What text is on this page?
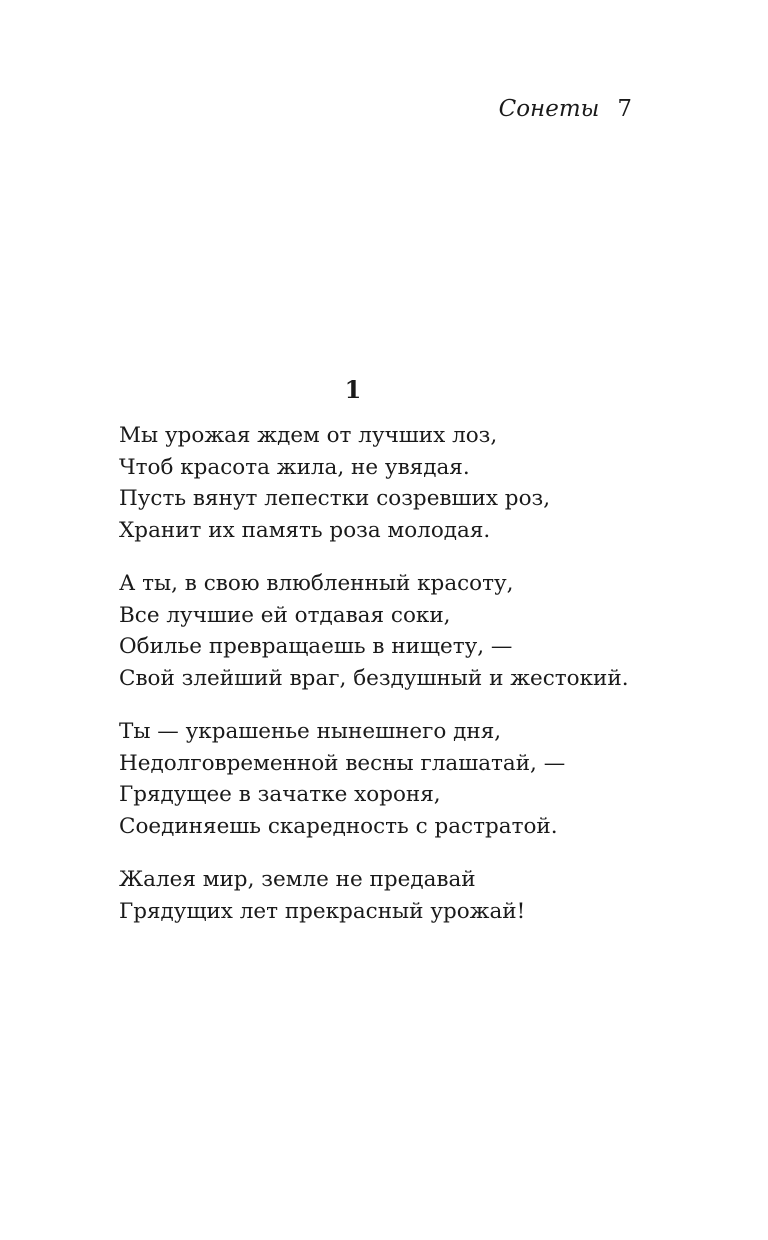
Сонеты 7
1
Мы урожая ждем от лучших лоз,
Чтоб красота жила, не увядая.
Пусть вянут лепестки созревших роз,
Хранит их память роза молодая.
А ты, в свою влюбленный красоту,
Все лучшие ей отдавая соки,
Обилье превращаешь в нищету, —
Свой злейший враг, бездушный и жестокий.
Ты — украшенье нынешнего дня,
Недолговременной весны глашатай, —
Грядущее в зачатке хороня,
Соединяешь скаредность с растратой.
Жалея мир, земле не предавай
Грядущих лет прекрасный урожай!
